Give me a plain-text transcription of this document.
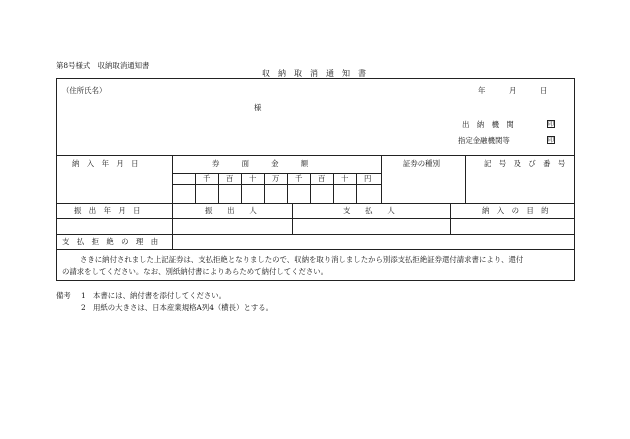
第8号様式　収納取消通知書
収　納　取　消　通　知　書
（住所氏名）	年	月	日
様
出　納　機　関	印
指定金融機関等	印
納　入　年　月　日	券　　　面　　　金　　　額	証券の種別	記　号　及　び　番　号
千 百 十 万 千 百 十 円
振　出　年　月　日	振　　出　　人	支　　払　　人	納　入　の　目　的
支　払　拒　絶　の　理　由
さきに納付されました上記証券は、支払拒絶となりましたので、収納を取り消しましたから別添支払拒絶証券還付請求書により、還付
の請求をしてください。なお、別紙納付書によりあらためて納付してください。
備考 1 本書には、納付書を添付してください。
2 用紙の大きさは、日本産業規格A列4（横長）とする。
